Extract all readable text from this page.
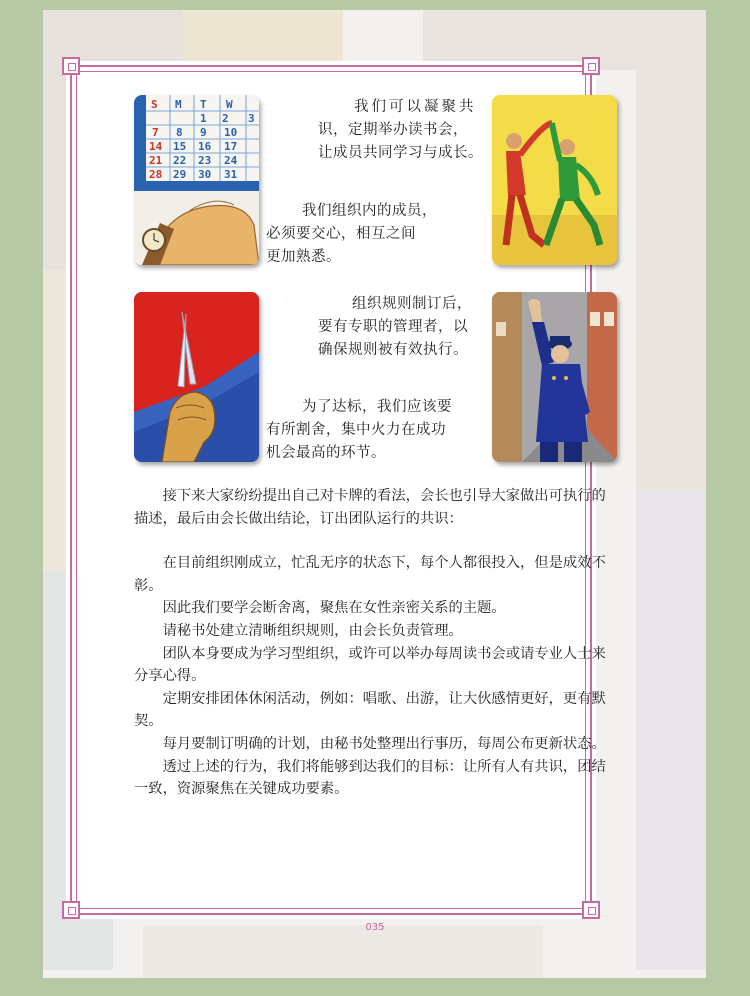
S M T W
1 2 3
7 8 9 10
14 15 16 17
21 22 23 24
28 29 30 31
我们可以凝聚共
识，定期举办读书会，
让成员共同学习与成长。
我们组织内的成员，
必须要交心，相互之间
更加熟悉。
组织规则制订后，
要有专职的管理者，以
确保规则被有效执行。
为了达标，我们应该要
有所割舍，集中火力在成功
机会最高的环节。

接下来大家纷纷提出自己对卡牌的看法，会长也引导大家做出可执行的描述，最后由会长做出结论，订出团队运行的共识：

在目前组织刚成立，忙乱无序的状态下，每个人都很投入，但是成效不彰。

因此我们要学会断舍离，聚焦在女性亲密关系的主题。

请秘书处建立清晰组织规则，由会长负责管理。

团队本身要成为学习型组织，或许可以举办每周读书会或请专业人士来分享心得。

定期安排团体休闲活动，例如：唱歌、出游，让大伙感情更好，更有默契。

每月要制订明确的计划，由秘书处整理出行事历，每周公布更新状态。

透过上述的行为，我们将能够到达我们的目标：让所有人有共识，团结一致，资源聚焦在关键成功要素。

035
